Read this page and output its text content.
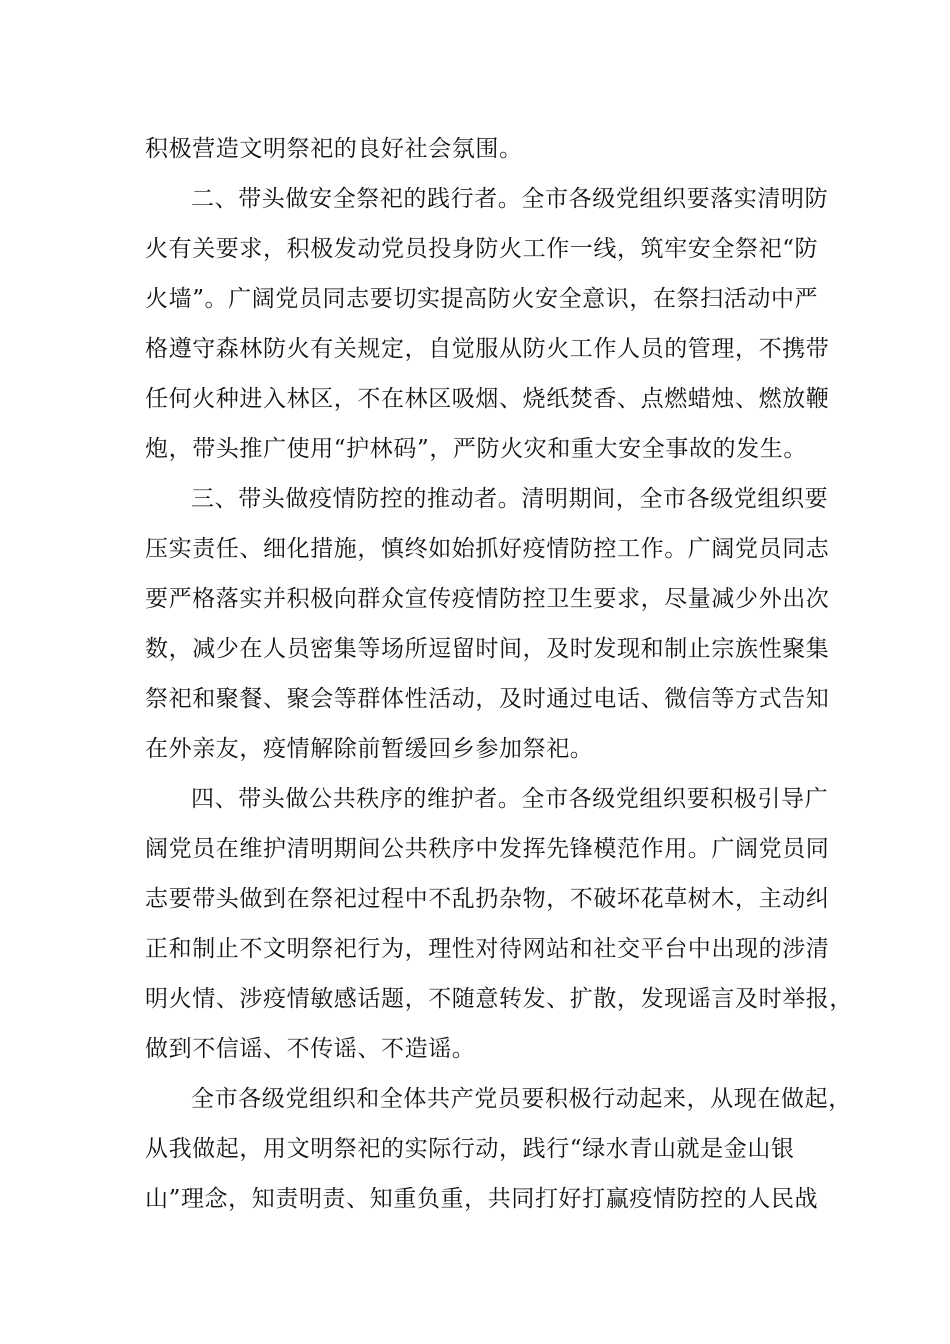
积极营造文明祭祀的良好社会氛围。
二、带头做安全祭祀的践行者。全市各级党组织要落实清明防
火有关要求，积极发动党员投身防火工作一线，筑牢安全祭祀“防
火墙”。广阔党员同志要切实提高防火安全意识，在祭扫活动中严
格遵守森林防火有关规定，自觉服从防火工作人员的管理，不携带
任何火种进入林区，不在林区吸烟、烧纸焚香、点燃蜡烛、燃放鞭
炮，带头推广使用“护林码”，严防火灾和重大安全事故的发生。
三、带头做疫情防控的推动者。清明期间，全市各级党组织要
压实责任、细化措施，慎终如始抓好疫情防控工作。广阔党员同志
要严格落实并积极向群众宣传疫情防控卫生要求，尽量减少外出次
数，减少在人员密集等场所逗留时间，及时发现和制止宗族性聚集
祭祀和聚餐、聚会等群体性活动，及时通过电话、微信等方式告知
在外亲友，疫情解除前暂缓回乡参加祭祀。
四、带头做公共秩序的维护者。全市各级党组织要积极引导广
阔党员在维护清明期间公共秩序中发挥先锋模范作用。广阔党员同
志要带头做到在祭祀过程中不乱扔杂物，不破坏花草树木，主动纠
正和制止不文明祭祀行为，理性对待网站和社交平台中出现的涉清
明火情、涉疫情敏感话题，不随意转发、扩散，发现谣言及时举报，
做到不信谣、不传谣、不造谣。
全市各级党组织和全体共产党员要积极行动起来，从现在做起，
从我做起，用文明祭祀的实际行动，践行“绿水青山就是金山银
山”理念，知责明责、知重负重，共同打好打赢疫情防控的人民战
